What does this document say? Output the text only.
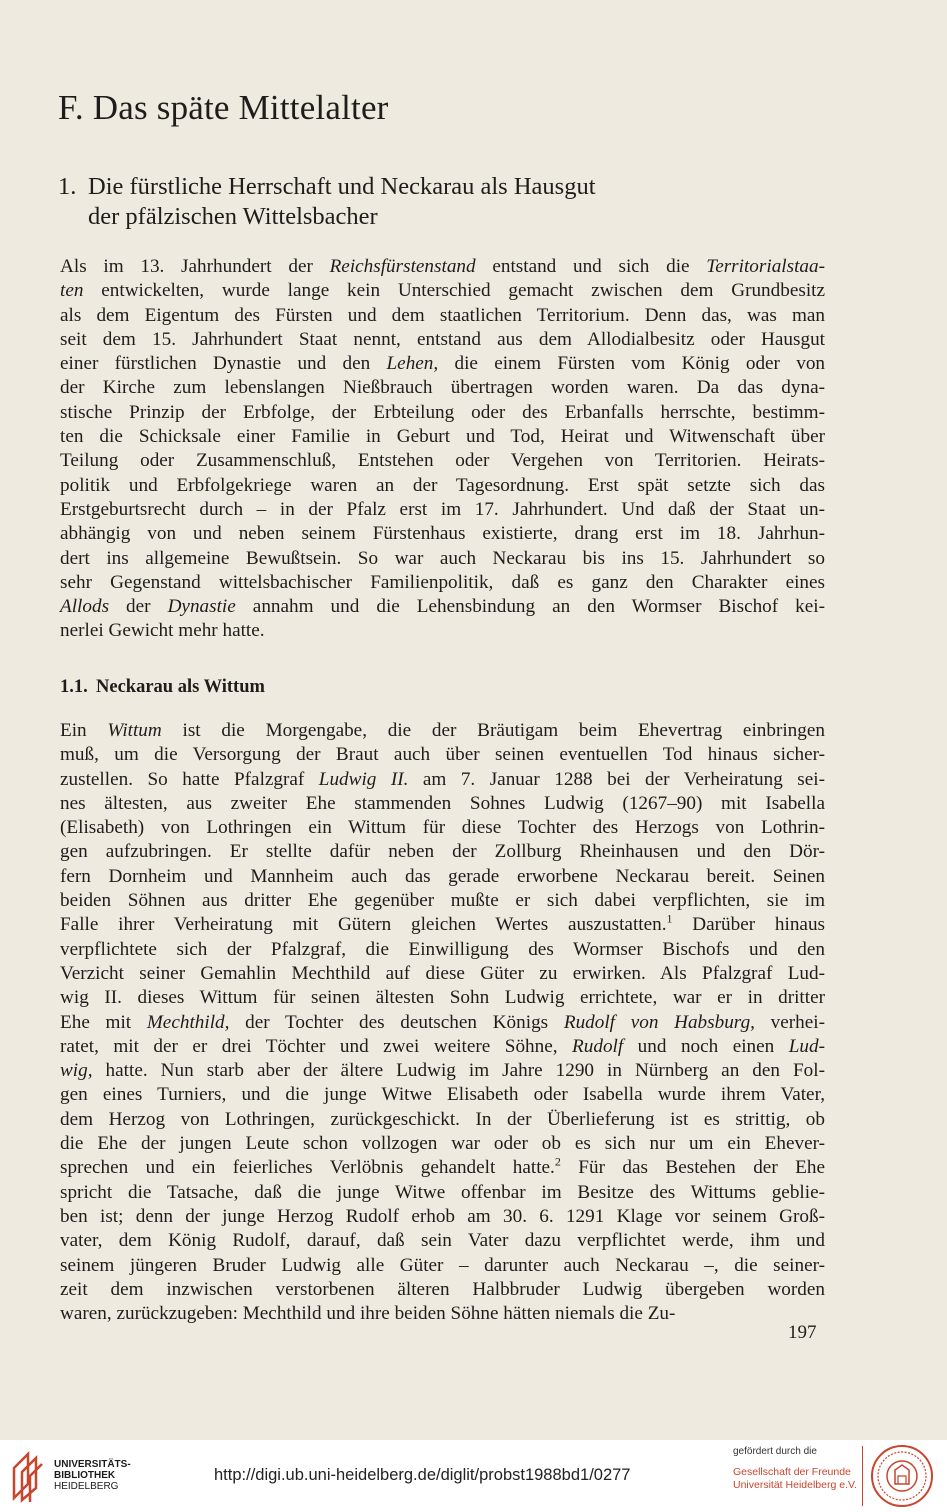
F. Das späte Mittelalter
1. Die fürstliche Herrschaft und Neckarau als Hausgut
der pfälzischen Wittelsbacher
Als im 13. Jahrhundert der Reichsfürstenstand entstand und sich die Territorialstaa-
ten entwickelten, wurde lange kein Unterschied gemacht zwischen dem Grundbesitz
als dem Eigentum des Fürsten und dem staatlichen Territorium. Denn das, was man
seit dem 15. Jahrhundert Staat nennt, entstand aus dem Allodialbesitz oder Hausgut
einer fürstlichen Dynastie und den Lehen, die einem Fürsten vom König oder von
der Kirche zum lebenslangen Nießbrauch übertragen worden waren. Da das dyna-
stische Prinzip der Erbfolge, der Erbteilung oder des Erbanfalls herrschte, bestimm-
ten die Schicksale einer Familie in Geburt und Tod, Heirat und Witwenschaft über
Teilung oder Zusammenschluß, Entstehen oder Vergehen von Territorien. Heirats-
politik und Erbfolgekriege waren an der Tagesordnung. Erst spät setzte sich das
Erstgeburtsrecht durch – in der Pfalz erst im 17. Jahrhundert. Und daß der Staat un-
abhängig von und neben seinem Fürstenhaus existierte, drang erst im 18. Jahrhun-
dert ins allgemeine Bewußtsein. So war auch Neckarau bis ins 15. Jahrhundert so
sehr Gegenstand wittelsbachischer Familienpolitik, daß es ganz den Charakter eines
Allods der Dynastie annahm und die Lehensbindung an den Wormser Bischof kei-
nerlei Gewicht mehr hatte.
1.1. Neckarau als Wittum
Ein Wittum ist die Morgengabe, die der Bräutigam beim Ehevertrag einbringen
muß, um die Versorgung der Braut auch über seinen eventuellen Tod hinaus sicher-
zustellen. So hatte Pfalzgraf Ludwig II. am 7. Januar 1288 bei der Verheiratung sei-
nes ältesten, aus zweiter Ehe stammenden Sohnes Ludwig (1267–90) mit Isabella
(Elisabeth) von Lothringen ein Wittum für diese Tochter des Herzogs von Lothrin-
gen aufzubringen. Er stellte dafür neben der Zollburg Rheinhausen und den Dör-
fern Dornheim und Mannheim auch das gerade erworbene Neckarau bereit. Seinen
beiden Söhnen aus dritter Ehe gegenüber mußte er sich dabei verpflichten, sie im
Falle ihrer Verheiratung mit Gütern gleichen Wertes auszustatten.$^1$ Darüber hinaus
verpflichtete sich der Pfalzgraf, die Einwilligung des Wormser Bischofs und den
Verzicht seiner Gemahlin Mechthild auf diese Güter zu erwirken. Als Pfalzgraf Lud-
wig II. dieses Wittum für seinen ältesten Sohn Ludwig errichtete, war er in dritter
Ehe mit Mechthild, der Tochter des deutschen Königs Rudolf von Habsburg, verhei-
ratet, mit der er drei Töchter und zwei weitere Söhne, Rudolf und noch einen Lud-
wig, hatte. Nun starb aber der ältere Ludwig im Jahre 1290 in Nürnberg an den Fol-
gen eines Turniers, und die junge Witwe Elisabeth oder Isabella wurde ihrem Vater,
dem Herzog von Lothringen, zurückgeschickt. In der Überlieferung ist es strittig, ob
die Ehe der jungen Leute schon vollzogen war oder ob es sich nur um ein Ehever-
sprechen und ein feierliches Verlöbnis gehandelt hatte.$^2$ Für das Bestehen der Ehe
spricht die Tatsache, daß die junge Witwe offenbar im Besitze des Wittums geblie-
ben ist; denn der junge Herzog Rudolf erhob am 30. 6. 1291 Klage vor seinem Groß-
vater, dem König Rudolf, darauf, daß sein Vater dazu verpflichtet werde, ihm und
seinem jüngeren Bruder Ludwig alle Güter – darunter auch Neckarau –, die seiner-
zeit dem inzwischen verstorbenen älteren Halbbruder Ludwig übergeben worden
waren, zurückzugeben: Mechthild und ihre beiden Söhne hätten niemals die Zu-
197
UNIVERSITÄTS-
BIBLIOTHEK
HEIDELBERG
http://digi.ub.uni-heidelberg.de/diglit/probst1988bd1/0277
gefördert durch die
Gesellschaft der Freunde
Universität Heidelberg e.V.
